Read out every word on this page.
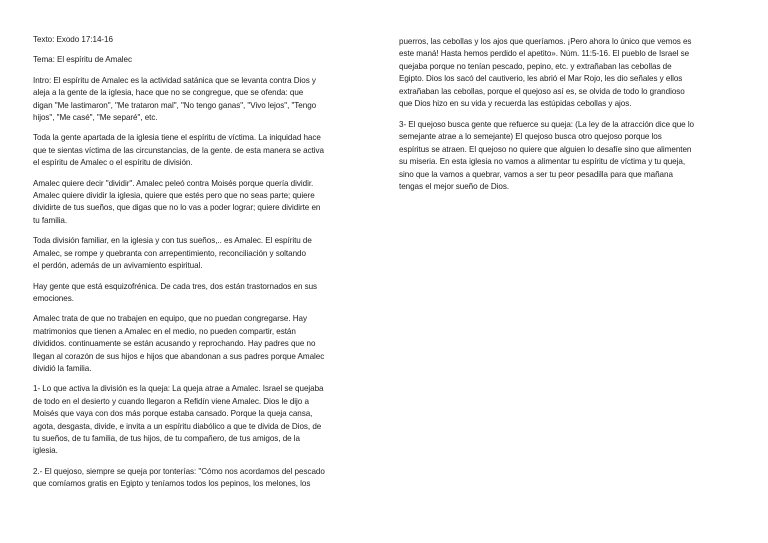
Texto: Exodo 17:14-16

Tema: El espíritu de Amalec

Intro: El espíritu de Amalec es la actividad satánica que se levanta contra Dios y
aleja a la gente de la iglesia, hace que no se congregue, que se ofenda: que
digan "Me lastimaron", "Me trataron mal", "No tengo ganas", "Vivo lejos", "Tengo
hijos", "Me casé", "Me separé", etc.

Toda la gente apartada de la iglesia tiene el espíritu de víctima. La iniquidad hace
que te sientas víctima de las circunstancias, de la gente. de esta manera se activa
el espíritu de Amalec o el espíritu de división.

Amalec quiere decir "dividir". Amalec peleó contra Moisés porque quería dividir.
Amalec quiere dividir la iglesia, quiere que estés pero que no seas parte; quiere
dividirte de tus sueños, que digas que no lo vas a poder lograr; quiere dividirte en
tu familia.

Toda división familiar, en la iglesia y con tus sueños,.. es Amalec. El espíritu de
Amalec, se rompe y quebranta con arrepentimiento, reconciliación y soltando
el perdón, además de un avivamiento espiritual.

Hay gente que está esquizofrénica. De cada tres, dos están trastornados en sus
emociones.

Amalec trata de que no trabajen en equipo, que no puedan congregarse. Hay
matrimonios que tienen a Amalec en el medio, no pueden compartir, están
divididos. continuamente se están acusando y reprochando. Hay padres que no
llegan al corazón de sus hijos e hijos que abandonan a sus padres porque Amalec
dividió la familia.

1- Lo que activa la división es la queja: La queja atrae a Amalec. Israel se quejaba
de todo en el desierto y cuando llegaron a Refidín viene Amalec. Dios le dijo a
Moisés que vaya con dos más porque estaba cansado. Porque la queja cansa,
agota, desgasta, divide, e invita a un espíritu diabólico a que te divida de Dios, de
tu sueños, de tu familia, de tus hijos, de tu compañero, de tus amigos, de la
iglesia.

2.- El quejoso, siempre se queja por tonterías: "Cómo nos acordamos del pescado
que comíamos gratis en Egipto y teníamos todos los pepinos, los melones, los

puerros, las cebollas y los ajos que queríamos. ¡Pero ahora lo único que vemos es
este maná! Hasta hemos perdido el apetito». Núm. 11:5-16. El pueblo de Israel se
quejaba porque no tenían pescado, pepino, etc. y extrañaban las cebollas de
Egipto. Dios los sacó del cautiverio, les abrió el Mar Rojo, les dio señales y ellos
extrañaban las cebollas, porque el quejoso así es, se olvida de todo lo grandioso
que Dios hizo en su vida y recuerda las estúpidas cebollas y ajos.

3- El quejoso busca gente que refuerce su queja: (La ley de la atracción dice que lo
semejante atrae a lo semejante) El quejoso busca otro quejoso porque los
espíritus se atraen. El quejoso no quiere que alguien lo desafíe sino que alimenten
su miseria. En esta iglesia no vamos a alimentar tu espíritu de víctima y tu queja,
sino que la vamos a quebrar, vamos a ser tu peor pesadilla para que mañana
tengas el mejor sueño de Dios.
